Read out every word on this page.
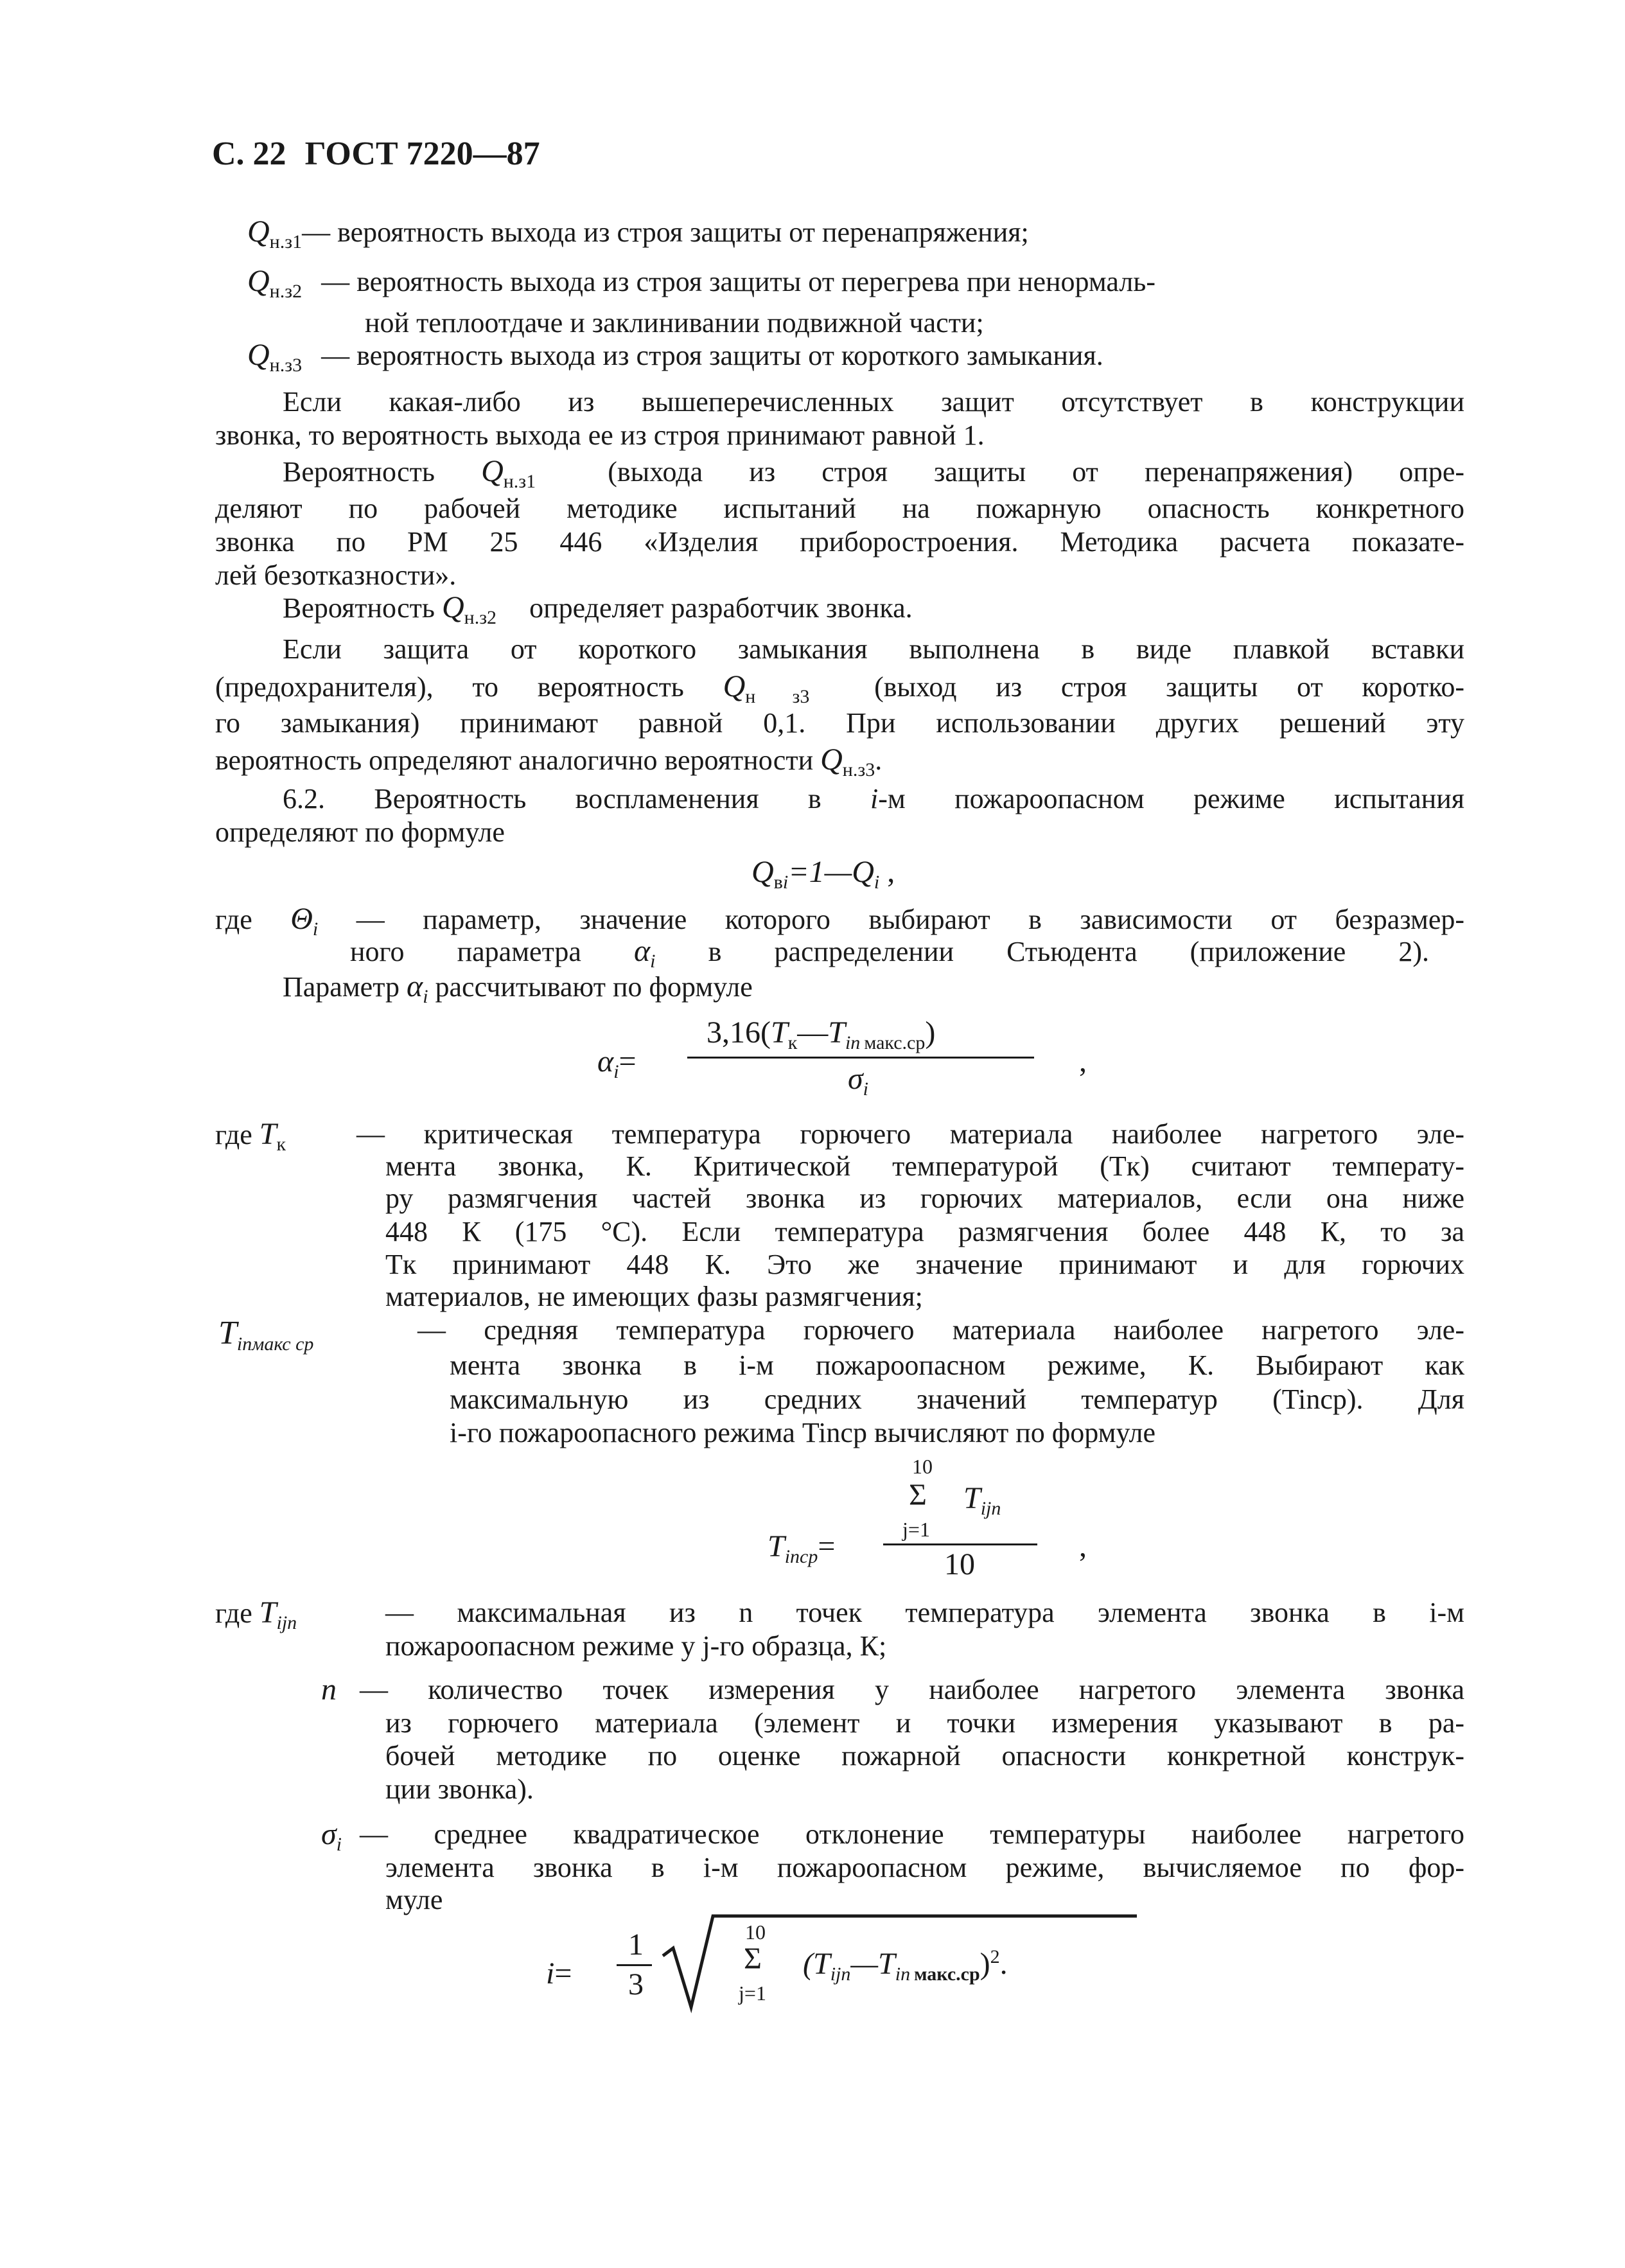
С. 22 ГОСТ 7220—87
$Q_{н.з1}—$ вероятность выхода из строя защиты от перенапряжения;
$Q_{н.з2}$ — вероятность выхода из строя защиты от перегрева при ненормаль-
ной теплоотдаче и заклинивании подвижной части;
$Q_{н.з3}$ — вероятность выхода из строя защиты от короткого замыкания.
Если какая-либо из вышеперечисленных защит отсутствует в конструкции
звонка, то вероятность выхода ее из строя принимают равной 1.
Вероятность $Q_{н.з1}$	(выхода из строя защиты от перенапряжения) опре-
деляют по рабочей методике испытаний на пожарную опасность конкретного
звонка по РМ 25 446 «Изделия приборостроения. Методика расчета показате-
лей безотказности».
Вероятность $Q_{н.з2}$ определяет разработчик звонка.
Если защита от короткого замыкания выполнена в виде плавкой вставки
(предохранителя), то вероятность $Q_{н з3}$ (выход из строя защиты от коротко-
го замыкания) принимают равной 0,1. При использовании других решений эту
вероятность определяют аналогично вероятности $Q_{н.з3}$.
6.2. Вероятность воспламенения в i-м пожароопасном режиме испытания
определяют по формуле
$Q_{вi}=1—Q_i$ ,
где $\Theta_i$ — параметр, значение которого выбирают в зависимости от безразмер-
ного параметра $\alpha_i$ в распределении Стьюдента (приложение 2).
Параметр $\alpha_i$ рассчитывают по формуле
$\alpha_i=$
$3,16(T_к—T_{in}$ $_{макс.ср}$)
$\sigma_i$
,
где $T_к$ — критическая температура горючего материала наиболее нагретого эле-
мента звонка, К. Критической температурой (Tк) считают температу-
ру размягчения частей звонка из горючих материалов, если она ниже
448 К (175 °С). Если температура размягчения более 448 К, то за
Tк принимают 448 К. Это же значение принимают и для горючих
материалов, не имеющих фазы размягчения;
$T_{inмакс ср}$	— средняя температура горючего материала наиболее нагретого эле-
мента звонка в i-м пожароопасном режиме, К. Выбирают как
максимальную из средних значений температур (Tincp). Для
i-го пожароопасного режима Tincp вычисляют по формуле
10
Σ $T_{ijn}$
j=1
10
$T_{incp}=$	,
где $T_{ijn}$	— максимальная из n точек температура элемента звонка в i-м
пожароопасном режиме у j-го образца, К;
n — количество точек измерения у наиболее нагретого элемента звонка
из горючего материала (элемент и точки измерения указывают в ра-
бочей методике по оценке пожарной опасности конкретной конструк-
ции звонка).
$\sigma_i$ — среднее квадратическое отклонение температуры наиболее нагретого
элемента звонка в i-м пожароопасном режиме, вычисляемое по фор-
муле
i=
1
3
10
Σ
j=1
($T_{ijn}—T_{in}$ $_{макс.ср}$)$^2$.
